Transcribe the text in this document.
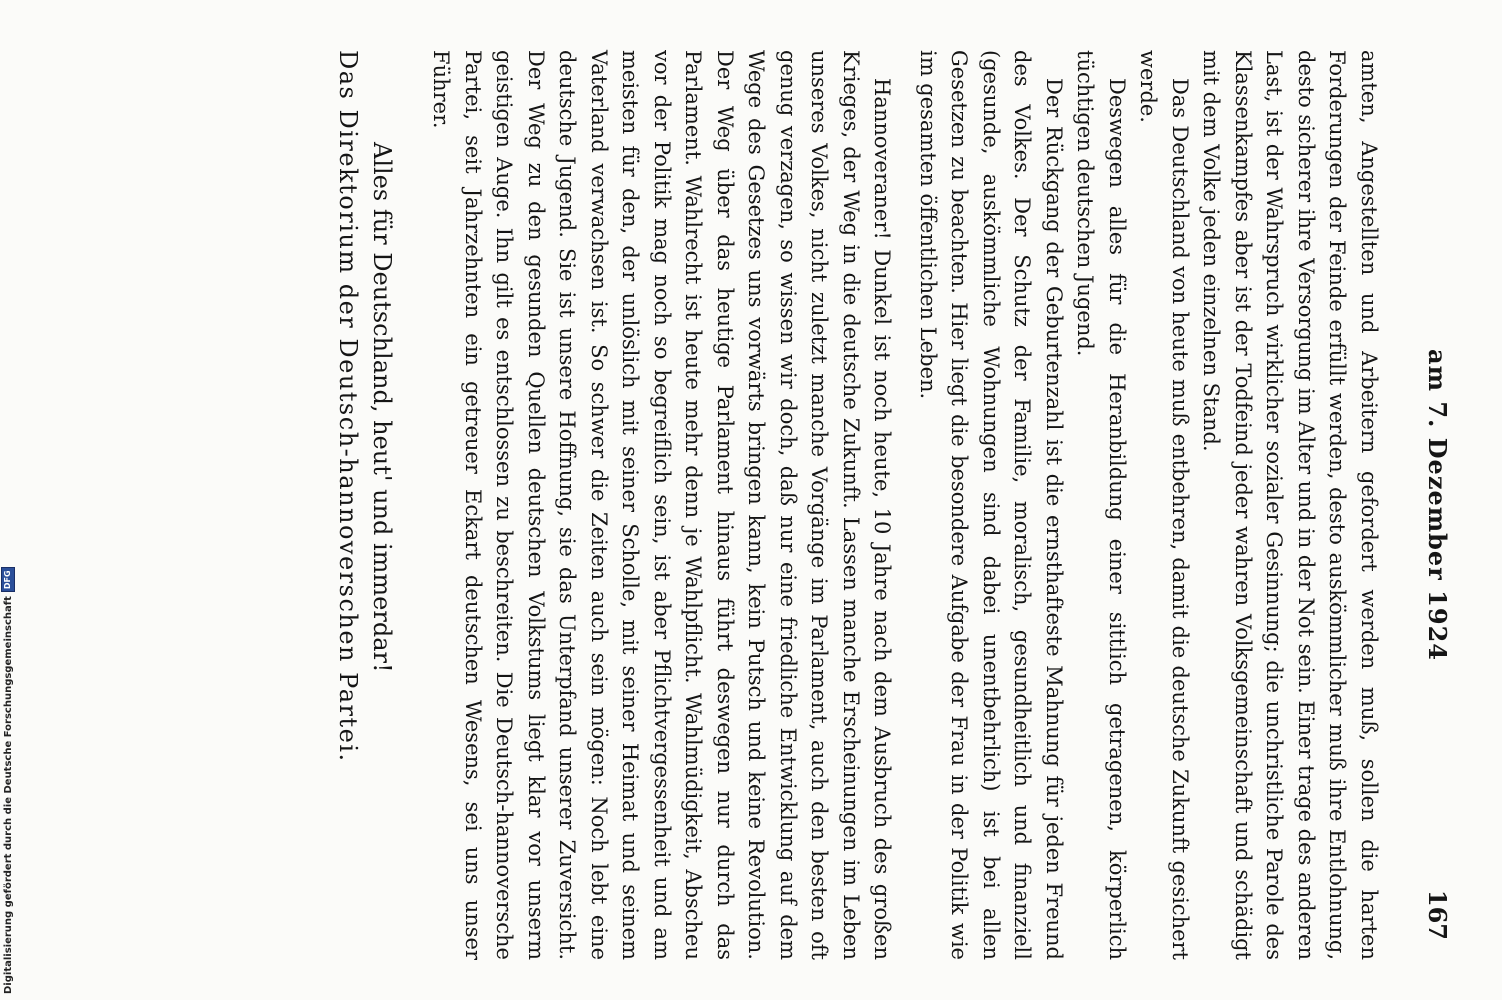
am 7. Dezember 1924
167

amten, Angestellten und Arbeitern gefordert werden muß, sollen die harten Forderungen der Feinde erfüllt werden, desto auskömmlicher muß ihre Entlohnung, desto sicherer ihre Versorgung im Alter und in der Not sein. Einer trage des anderen Last, ist der Wahrspruch wirklicher sozialer Gesinnung; die unchristliche Parole des Klassenkampfes aber ist der Todfeind jeder wahren Volksgemeinschaft und schädigt mit dem Volke jeden einzelnen Stand.

Das Deutschland von heute muß entbehren, damit die deutsche Zukunft gesichert werde.

Deswegen alles für die Heranbildung einer sittlich getragenen, körperlich tüchtigen deutschen Jugend.

Der Rückgang der Geburtenzahl ist die ernsthafteste Mahnung für jeden Freund des Volkes. Der Schutz der Familie, moralisch, gesundheitlich und finanziell (gesunde, auskömmliche Wohnungen sind dabei unentbehrlich) ist bei allen Gesetzen zu beachten. Hier liegt die besondere Aufgabe der Frau in der Politik wie im gesamten öffentlichen Leben.

Hannoveraner! Dunkel ist noch heute, 10 Jahre nach dem Ausbruch des großen Krieges, der Weg in die deutsche Zukunft. Lassen manche Erscheinungen im Leben unseres Volkes, nicht zuletzt manche Vorgänge im Parlament, auch den besten oft genug verzagen, so wissen wir doch, daß nur eine friedliche Entwicklung auf dem Wege des Gesetzes uns vorwärts bringen kann, kein Putsch und keine Revolution. Der Weg über das heutige Parlament hinaus führt deswegen nur durch das Parlament. Wahlrecht ist heute mehr denn je Wahlpflicht. Wahlmüdigkeit, Abscheu vor der Politik mag noch so begreiflich sein, ist aber Pflichtvergessenheit und am meisten für den, der unlöslich mit seiner Scholle, mit seiner Heimat und seinem Vaterland verwachsen ist. So schwer die Zeiten auch sein mögen: Noch lebt eine deutsche Jugend. Sie ist unsere Hoffnung, sie das Unterpfand unserer Zuversicht. Der Weg zu den gesunden Quellen deutschen Volkstums liegt klar vor unserm geistigen Auge. Ihn gilt es entschlossen zu beschreiten. Die Deutsch-hannoversche Partei, seit Jahrzehnten ein getreuer Eckart deutschen Wesens, sei uns unser Führer.

Alles für Deutschland, heut' und immerdar!

Das Direktorium der Deutsch-hannoverschen Partei.

Digitalisierung gefördert durch die Deutsche Forschungsgemeinschaft
DFG
